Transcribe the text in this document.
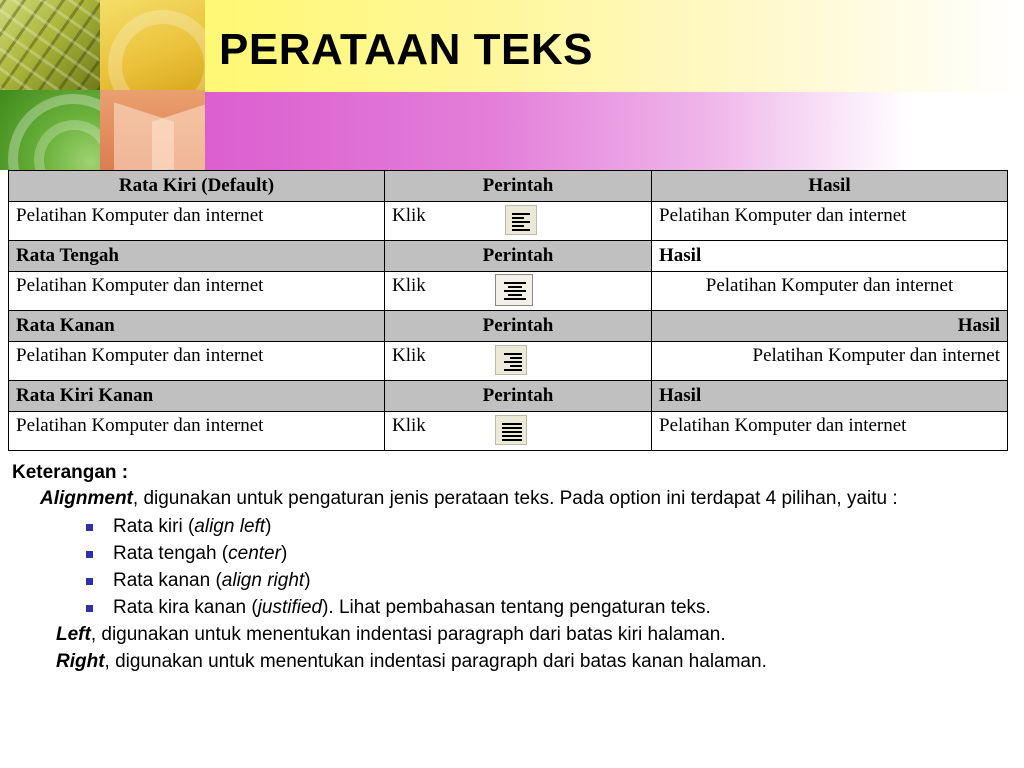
PERATAAN TEKS
Rata Kiri (Default)	Perintah	Hasil
Pelatihan Komputer dan internet	Klik	Pelatihan Komputer dan internet
Rata Tengah	Perintah	Hasil
Pelatihan Komputer dan internet	Klik	Pelatihan Komputer dan internet
Rata Kanan	Perintah	Hasil
Pelatihan Komputer dan internet	Klik	Pelatihan Komputer dan internet
Rata Kiri Kanan	Perintah	Hasil
Pelatihan Komputer dan internet	Klik	Pelatihan Komputer dan internet

Keterangan :

Alignment, digunakan untuk pengaturan jenis perataan teks. Pada option ini terdapat 4 pilihan, yaitu :

Rata kiri (align left)
Rata tengah (center)
Rata kanan (align right)
Rata kira kanan (justified). Lihat pembahasan tentang pengaturan teks.

Left, digunakan untuk menentukan indentasi paragraph dari batas kiri halaman.

Right, digunakan untuk menentukan indentasi paragraph dari batas kanan halaman.
